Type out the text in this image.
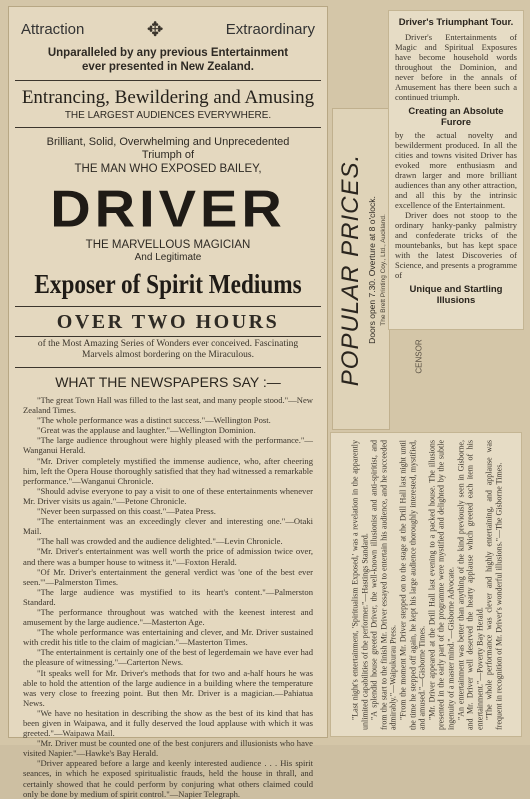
Attraction	✥	Extraordinary
Unparalleled by any previous Entertainment
ever presented in New Zealand.
Entrancing, Bewildering and Amusing
THE LARGEST AUDIENCES EVERYWHERE.
Brilliant, Solid, Overwhelming and Unprecedented
Triumph of
THE MAN WHO EXPOSED BAILEY,
DRIVER
THE MARVELLOUS MAGICIAN
And Legitimate
Exposer of Spirit Mediums
OVER TWO HOURS
of the Most Amazing Series of Wonders ever conceived. Fascinating Marvels almost bordering on the Miraculous.
WHAT THE NEWSPAPERS SAY :—

"The great Town Hall was filled to the last seat, and many people stood."—New Zealand Times.

"The whole performance was a distinct success."—Wellington Post.

"Great was the applause and laughter."—Wellington Dominion.

"The large audience throughout were highly pleased with the performance."—Wanganui Herald.

"Mr. Driver completely mystified the immense audience, who, after cheering him, left the Opera House thoroughly satisfied that they had witnessed a remarkable performance."—Wanganui Chronicle.

"Should advise everyone to pay a visit to one of these entertainments whenever Mr. Driver visits us again."—Petone Chronicle.

"Never been surpassed on this coast."—Patea Press.

"The entertainment was an exceedingly clever and interesting one."—Otaki Mail.

"The hall was crowded and the audience delighted."—Levin Chronicle.

"Mr. Driver's entertainment was well worth the price of admission twice over, and there was a bumper house to witness it."—Foxton Herald.

"Of Mr. Driver's entertainment the general verdict was 'one of the best ever seen.'"—Palmerston Times.

"The large audience was mystified to its heart's content."—Palmerston Standard.

"The performance throughout was watched with the keenest interest and amusement by the large audience."—Masterton Age.

"The whole performance was entertaining and clever, and Mr. Driver sustained with credit his title to the claim of magician."—Masterton Times.

"The entertainment is certainly one of the best of legerdemain we have ever had the pleasure of witnessing."—Carterton News.

"It speaks well for Mr. Driver's methods that for two and a-half hours he was able to hold the attention of the large audience in a building where the temperature was very close to freezing point. But then Mr. Driver is a magician.—Pahiatua News.

"We have no hesitation in describing the show as the best of its kind that has been given in Waipawa, and it fully deserved the loud applause with which it was greeted."—Waipawa Mail.

"Mr. Driver must be counted one of the best conjurers and illusionists who have visited Napier."—Hawke's Bay Herald.

"Driver appeared before a large and keenly interested audience . . . His spirit seances, in which he exposed spiritualistic frauds, held the house in thrall, and certainly showed that he could perform by conjuring what others claimed could only be done by medium of spirit control."—Napier Telegraph.

POPULAR PRICES. Doors open 7.30. Overture at 8 o'clock. The Brett Printing Coy., Ltd., Auckland.
CENSOR
Driver's Triumphant Tour.

Driver's Entertainments of Magic and Spiritual Exposures have become household words throughout the Dominion, and never before in the annals of Amusement has there been such a continued triumph.

Creating an Absolute Furore

by the actual novelty and bewilderment produced. In all the cities and towns visited Driver has evoked more enthusiasm and drawn larger and more brilliant audiences than any other attraction, and all this by the intrinsic excellence of the Entertainment.

Driver does not stoop to the ordinary hanky-panky palmistry and confederate tricks of the mountebanks, but has kept space with the latest Discoveries of Science, and presents a programme of

Unique and Startling Illusions

"Last night's entertainment, 'Spiritualism Exposed,' was a revelation in the apparently unlimited capabilities of the performer."—Hastings Standard. "A splendid house greeted Driver, the well-known illusionist and anti-spiritist, and from the start to the finish Mr. Driver essayed to entertain his audience, and he succeeded admirably."—Waipukurau Press. "From the moment Mr. Driver stepped on to the stage at the Drill Hall last night until the time he stepped off again, he kept his large audience thoroughly interested, mystified, and amused."—Gisborne Times. "Mr. Driver appeared at the Drill Hall last evening to a packed house. The illusions presented in the early part of the programme were mystified and delighted by the subtle ingenuity of a master mind."—Gisborne Advocate. "An entertainment was better than anything of the kind previously seen in Gisborne, and Mr. Driver well deserved the hearty applause which greeted each item of his entertainment."—Poverty Bay Herald. "The whole performance was clever and highly entertaining, and applause was frequent in recognition of Mr. Driver's wonderful illusions."—The Gisborne Times.
